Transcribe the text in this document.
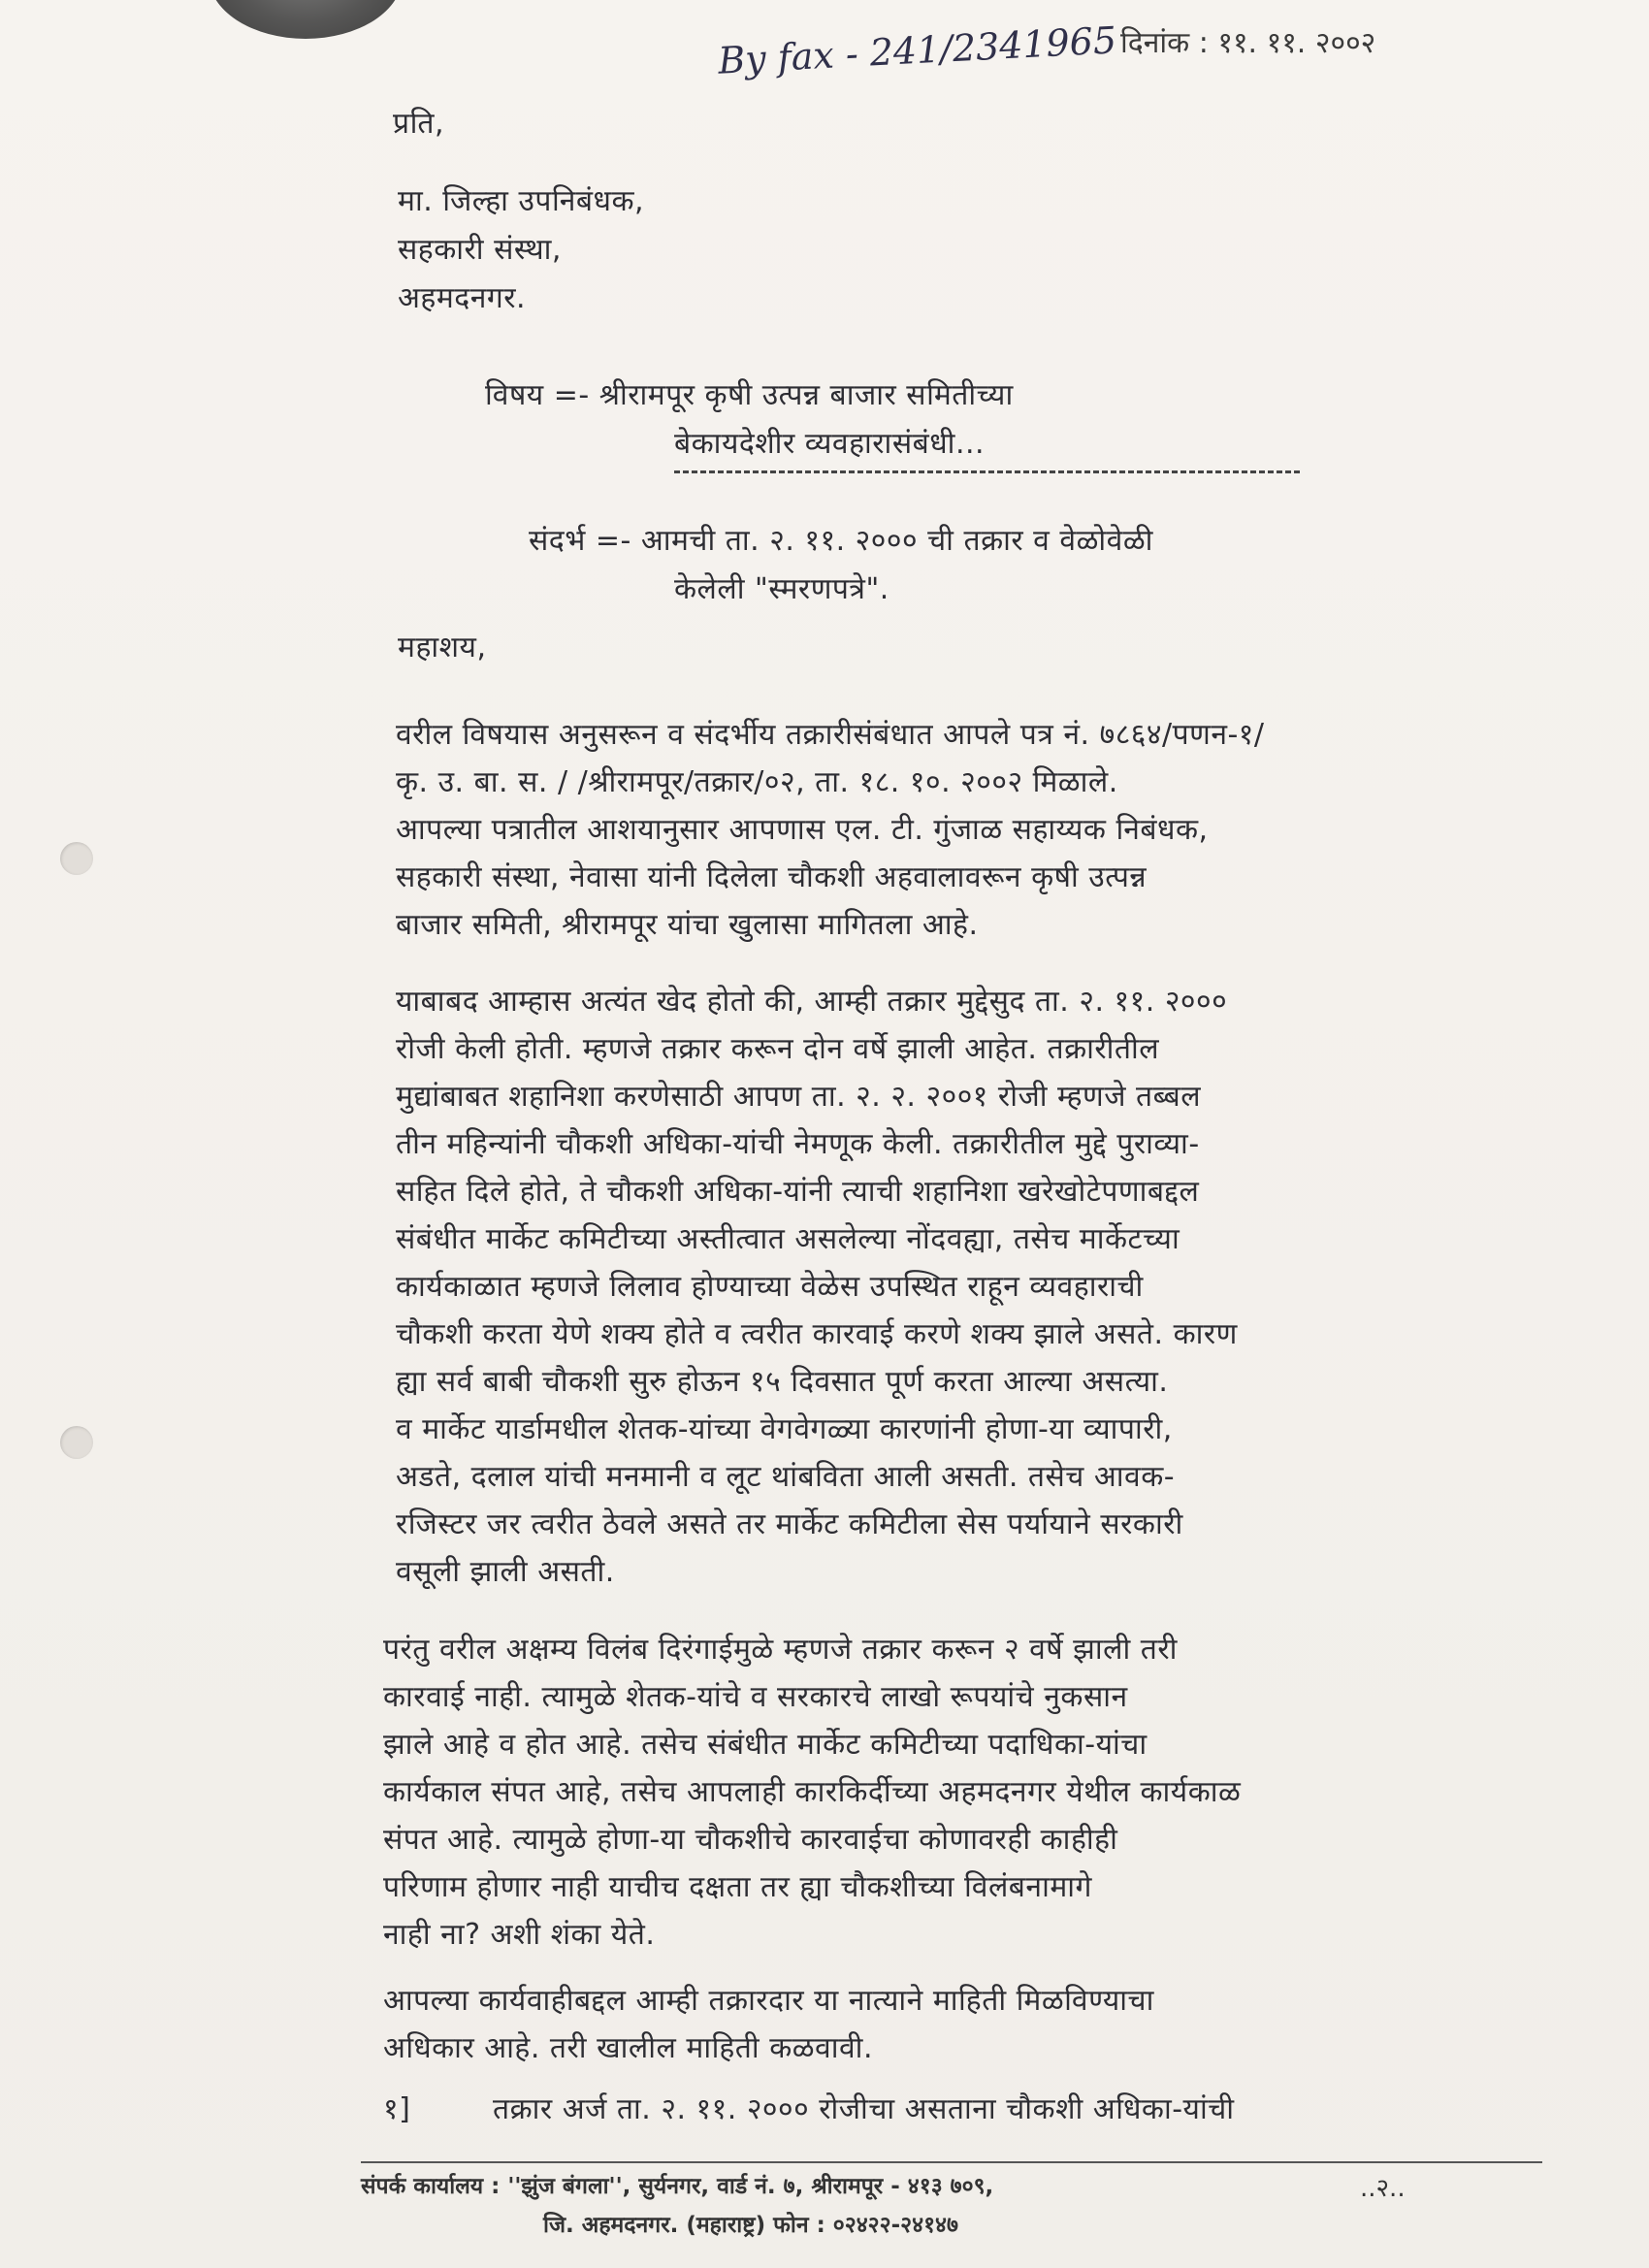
By fax - 241/2341965 दिनांक : ११. ११. २००२
प्रति,
मा. जिल्हा उपनिबंधक,
सहकारी संस्था,
अहमदनगर.
विषय =- श्रीरामपूर कृषी उत्पन्न बाजार समितीच्या
बेकायदेशीर व्यवहारासंबंधी...
संदर्भ =- आमची ता. २. ११. २००० ची तक्रार व वेळोवेळी
केलेली "स्मरणपत्रे".
महाशय,
वरील विषयास अनुसरून व संदर्भीय तक्रारीसंबंधात आपले पत्र नं. ७८६४/पणन-१/
कृ. उ. बा. स. / /श्रीरामपूर/तक्रार/०२, ता. १८. १०. २००२ मिळाले.
आपल्या पत्रातील आशयानुसार आपणास एल. टी. गुंजाळ सहाय्यक निबंधक,
सहकारी संस्था, नेवासा यांनी दिलेला चौकशी अहवालावरून कृषी उत्पन्न
बाजार समिती, श्रीरामपूर यांचा खुलासा मागितला आहे.
याबाबद आम्हास अत्यंत खेद होतो की, आम्ही तक्रार मुद्देसुद ता. २. ११. २०००
रोजी केली होती. म्हणजे तक्रार करून दोन वर्षे झाली आहेत. तक्रारीतील
मुद्यांबाबत शहानिशा करणेसाठी आपण ता. २. २. २००१ रोजी म्हणजे तब्बल
तीन महिन्यांनी चौकशी अधिका-यांची नेमणूक केली. तक्रारीतील मुद्दे पुराव्या-
सहित दिले होते, ते चौकशी अधिका-यांनी त्याची शहानिशा खरेखोटेपणाबद्दल
संबंधीत मार्केट कमिटीच्या अस्तीत्वात असलेल्या नोंदवह्या, तसेच मार्केटच्या
कार्यकाळात म्हणजे लिलाव होण्याच्या वेळेस उपस्थित राहून व्यवहाराची
चौकशी करता येणे शक्य होते व त्वरीत कारवाई करणे शक्य झाले असते. कारण
ह्या सर्व बाबी चौकशी सुरु होऊन १५ दिवसात पूर्ण करता आल्या असत्या.
व मार्केट यार्डामधील शेतक-यांच्या वेगवेगळ्या कारणांनी होणा-या व्यापारी,
अडते, दलाल यांची मनमानी व लूट थांबविता आली असती. तसेच आवक-
रजिस्टर जर त्वरीत ठेवले असते तर मार्केट कमिटीला सेस पर्यायाने सरकारी
वसूली झाली असती.
परंतु वरील अक्षम्य विलंब दिरंगाईमुळे म्हणजे तक्रार करून २ वर्षे झाली तरी
कारवाई नाही. त्यामुळे शेतक-यांचे व सरकारचे लाखो रूपयांचे नुकसान
झाले आहे व होत आहे. तसेच संबंधीत मार्केट कमिटीच्या पदाधिका-यांचा
कार्यकाल संपत आहे, तसेच आपलाही कारकिर्दीच्या अहमदनगर येथील कार्यकाळ
संपत आहे. त्यामुळे होणा-या चौकशीचे कारवाईचा कोणावरही काहीही
परिणाम होणार नाही याचीच दक्षता तर ह्या चौकशीच्या विलंबनामागे
नाही ना? अशी शंका येते.
आपल्या कार्यवाहीबद्दल आम्ही तक्रारदार या नात्याने माहिती मिळविण्याचा
अधिकार आहे. तरी खालील माहिती कळवावी.
१]	तक्रार अर्ज ता. २. ११. २००० रोजीचा असताना चौकशी अधिका-यांची
संपर्क कार्यालय : ''झुंज बंगला'', सुर्यनगर, वार्ड नं. ७, श्रीरामपूर - ४१३ ७०९,
जि. अहमदनगर. (महाराष्ट्र) फोन : ०२४२२-२४१४७
..२..
